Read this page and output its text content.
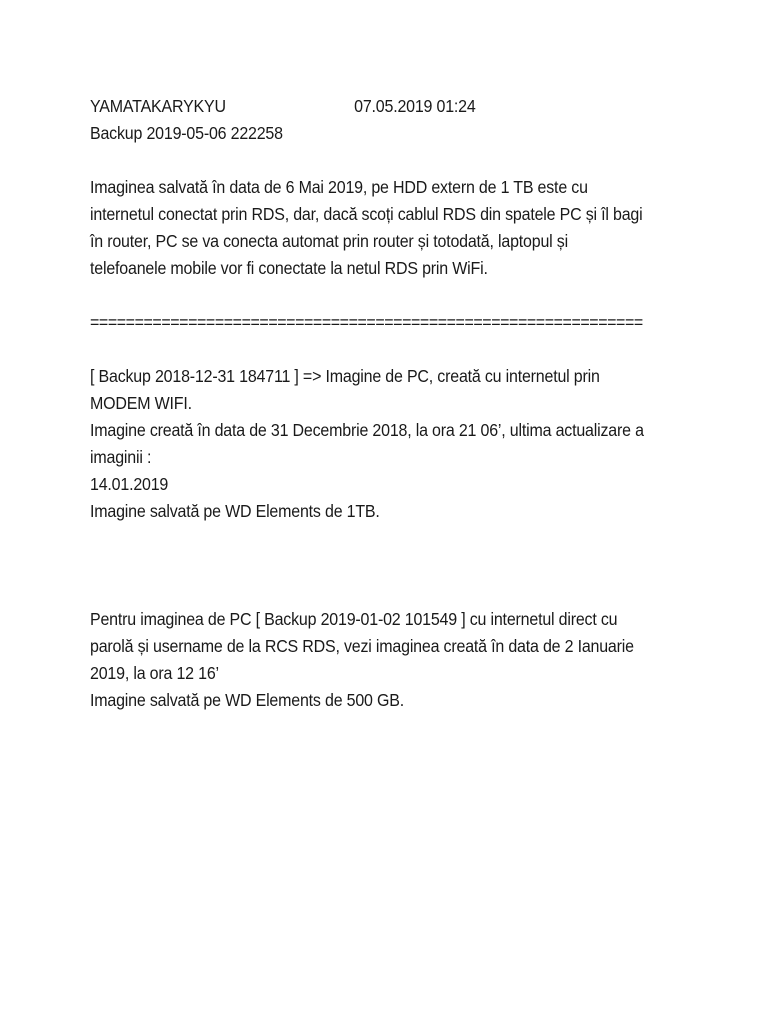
YAMATAKARYKYU	07.05.2019 01:24
Backup 2019-05-06 222258
Imaginea salvată în data de 6 Mai 2019, pe HDD extern de 1 TB este cu
internetul conectat prin RDS, dar, dacă scoți cablul RDS din spatele PC și îl bagi
în router, PC se va conecta automat prin router și totodată, laptopul și
telefoanele mobile vor fi conectate la netul RDS prin WiFi.
==============================================================
[ Backup 2018-12-31 184711 ] => Imagine de PC, creată cu internetul prin
MODEM WIFI.
Imagine creată în data de 31 Decembrie 2018, la ora 21 06’, ultima actualizare a
imaginii :
14.01.2019
Imagine salvată pe WD Elements de 1TB.
Pentru imaginea de PC [ Backup 2019-01-02 101549 ] cu internetul direct cu
parolă și username de la RCS RDS, vezi imaginea creată în data de 2 Ianuarie
2019, la ora 12 16’
Imagine salvată pe WD Elements de 500 GB.
